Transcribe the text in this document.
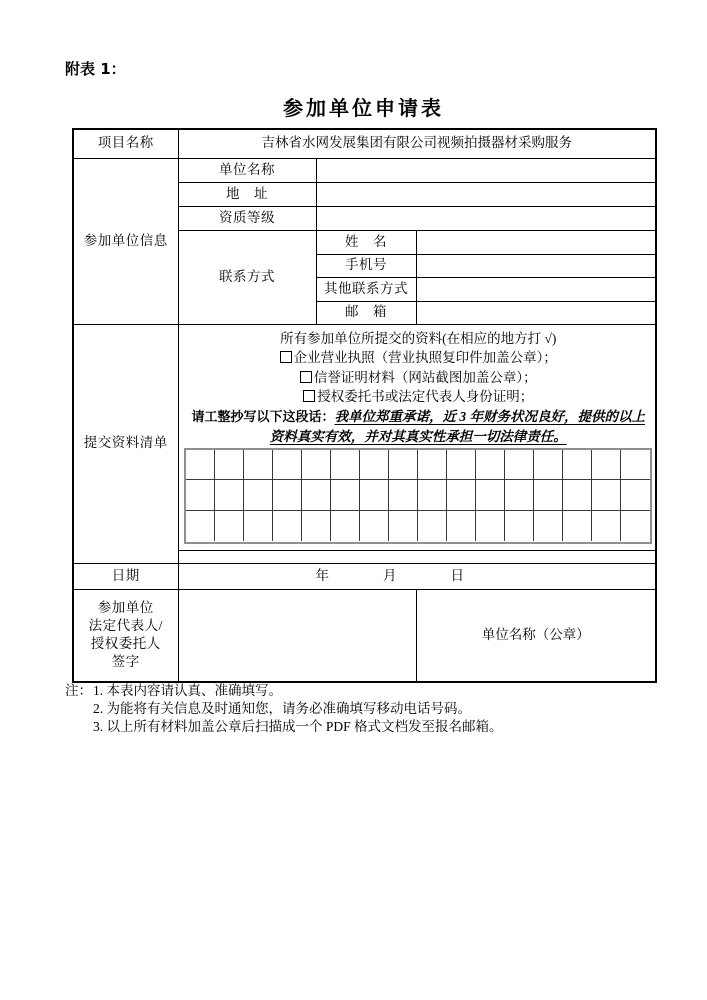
附表 1：
参加单位申请表
项目名称	吉林省水网发展集团有限公司视频拍摄器材采购服务		
参加单位信息	单位名称		
	地　址		
	资质等级		
	联系方式	姓　名	
		手机号	
		其他联系方式	
		邮　箱	
提交资料清单	所有参加单位所提交的资料(在相应的地方打 √)
企业营业执照（营业执照复印件加盖公章）；
信誉证明材料（网站截图加盖公章）；
授权委托书或法定代表人身份证明；
请工整抄写以下这段话：我单位郑重承诺，近 3 年财务状况良好，提供的以上资料真实有效，并对其真实性承担一切法律责任。		

日期	年 月 日		

参加单位
法定代表人/
授权委托人
签字			单位名称（公章）
注： 1. 本表内容请认真、准确填写。
2. 为能将有关信息及时通知您，请务必准确填写移动电话号码。
3. 以上所有材料加盖公章后扫描成一个 PDF 格式文档发至报名邮箱。
